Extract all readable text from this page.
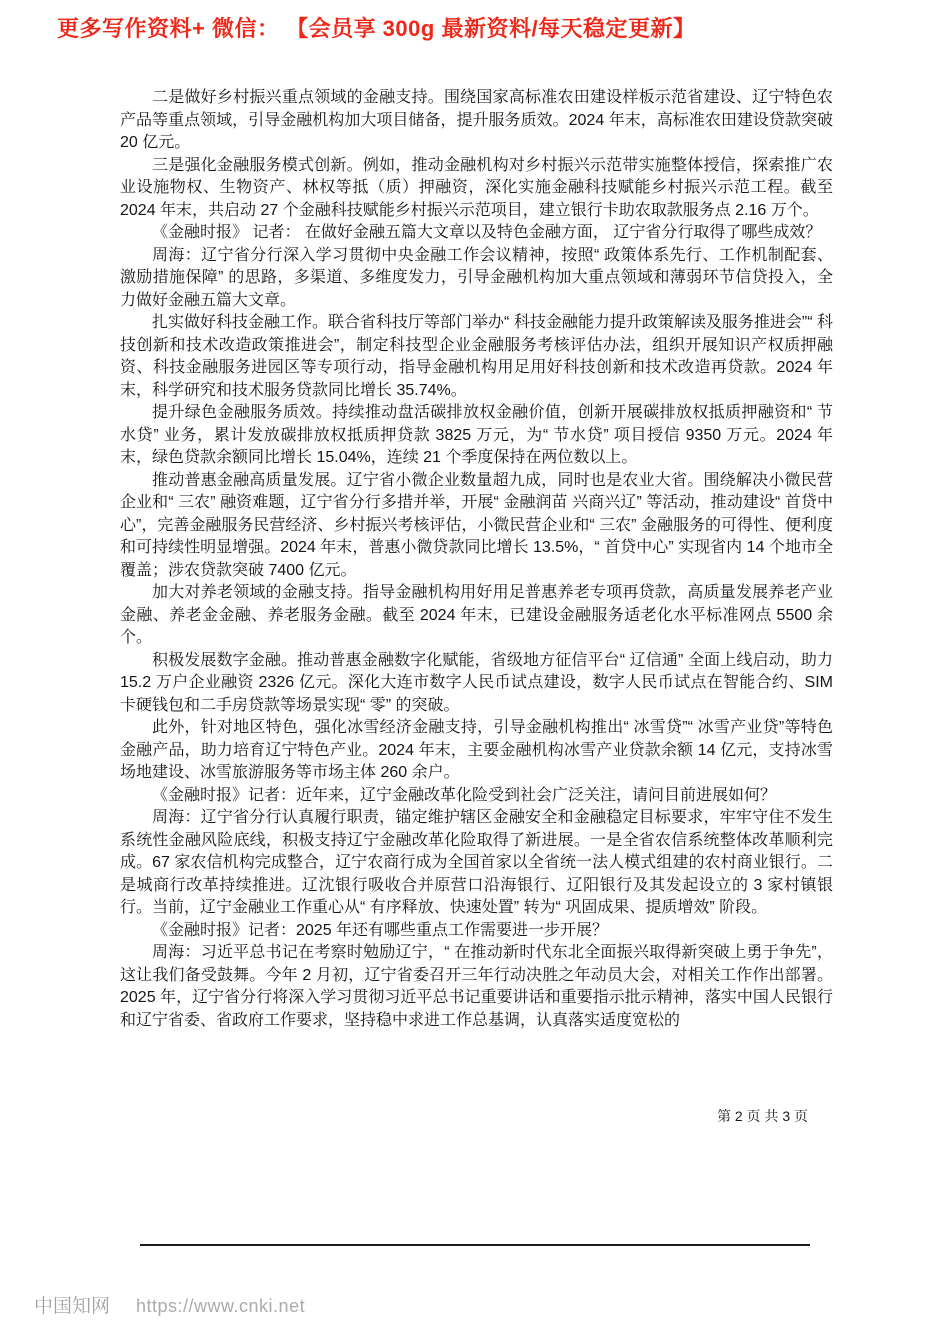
更多写作资料+ 微信： 【会员享 300g 最新资料/每天稳定更新】

二是做好乡村振兴重点领域的金融支持。围绕国家高标准农田建设样板示范省建设、辽宁特色农产品等重点领域，引导金融机构加大项目储备，提升服务质效。2024 年末，高标准农田建设贷款突破 20 亿元。

三是强化金融服务模式创新。例如，推动金融机构对乡村振兴示范带实施整体授信，探索推广农业设施物权、生物资产、林权等抵（质）押融资，深化实施金融科技赋能乡村振兴示范工程。截至 2024 年末，共启动 27 个金融科技赋能乡村振兴示范项目，建立银行卡助农取款服务点 2.16 万个。

《金融时报》 记者： 在做好金融五篇大文章以及特色金融方面， 辽宁省分行取得了哪些成效？

周海：辽宁省分行深入学习贯彻中央金融工作会议精神，按照“ 政策体系先行、工作机制配套、激励措施保障” 的思路，多渠道、多维度发力，引导金融机构加大重点领域和薄弱环节信贷投入，全力做好金融五篇大文章。

扎实做好科技金融工作。联合省科技厅等部门举办“ 科技金融能力提升政策解读及服务推进会”“ 科技创新和技术改造政策推进会”，制定科技型企业金融服务考核评估办法，组织开展知识产权质押融资、科技金融服务进园区等专项行动，指导金融机构用足用好科技创新和技术改造再贷款。2024 年末，科学研究和技术服务贷款同比增长 35.74%。

提升绿色金融服务质效。持续推动盘活碳排放权金融价值，创新开展碳排放权抵质押融资和“ 节水贷” 业务，累计发放碳排放权抵质押贷款 3825 万元，为“ 节水贷” 项目授信 9350 万元。2024 年末，绿色贷款余额同比增长 15.04%，连续 21 个季度保持在两位数以上。

推动普惠金融高质量发展。辽宁省小微企业数量超九成，同时也是农业大省。围绕解决小微民营企业和“ 三农” 融资难题，辽宁省分行多措并举，开展“ 金融润苗 兴商兴辽” 等活动，推动建设“ 首贷中心”，完善金融服务民营经济、乡村振兴考核评估，小微民营企业和“ 三农” 金融服务的可得性、便利度和可持续性明显增强。2024 年末，普惠小微贷款同比增长 13.5%，“ 首贷中心” 实现省内 14 个地市全覆盖；涉农贷款突破 7400 亿元。

加大对养老领域的金融支持。指导金融机构用好用足普惠养老专项再贷款，高质量发展养老产业金融、养老金金融、养老服务金融。截至 2024 年末，已建设金融服务适老化水平标准网点 5500 余个。

积极发展数字金融。推动普惠金融数字化赋能，省级地方征信平台“ 辽信通” 全面上线启动，助力 15.2 万户企业融资 2326 亿元。深化大连市数字人民币试点建设，数字人民币试点在智能合约、SIM 卡硬钱包和二手房贷款等场景实现“ 零” 的突破。

此外，针对地区特色，强化冰雪经济金融支持，引导金融机构推出“ 冰雪贷”“ 冰雪产业贷”等特色金融产品，助力培育辽宁特色产业。2024 年末，主要金融机构冰雪产业贷款余额 14 亿元，支持冰雪场地建设、冰雪旅游服务等市场主体 260 余户。

《金融时报》记者：近年来，辽宁金融改革化险受到社会广泛关注，请问目前进展如何？

周海：辽宁省分行认真履行职责，锚定维护辖区金融安全和金融稳定目标要求，牢牢守住不发生系统性金融风险底线，积极支持辽宁金融改革化险取得了新进展。一是全省农信系统整体改革顺利完成。67 家农信机构完成整合，辽宁农商行成为全国首家以全省统一法人模式组建的农村商业银行。二是城商行改革持续推进。辽沈银行吸收合并原营口沿海银行、辽阳银行及其发起设立的 3 家村镇银行。当前，辽宁金融业工作重心从“ 有序释放、快速处置” 转为“ 巩固成果、提质增效” 阶段。

《金融时报》记者：2025 年还有哪些重点工作需要进一步开展？

周海：习近平总书记在考察时勉励辽宁，“ 在推动新时代东北全面振兴取得新突破上勇于争先”，这让我们备受鼓舞。今年 2 月初，辽宁省委召开三年行动决胜之年动员大会，对相关工作作出部署。2025 年，辽宁省分行将深入学习贯彻习近平总书记重要讲话和重要指示批示精神，落实中国人民银行和辽宁省委、省政府工作要求，坚持稳中求进工作总基调，认真落实适度宽松的

第 2 页 共 3 页
中国知网 https://www.cnki.net
